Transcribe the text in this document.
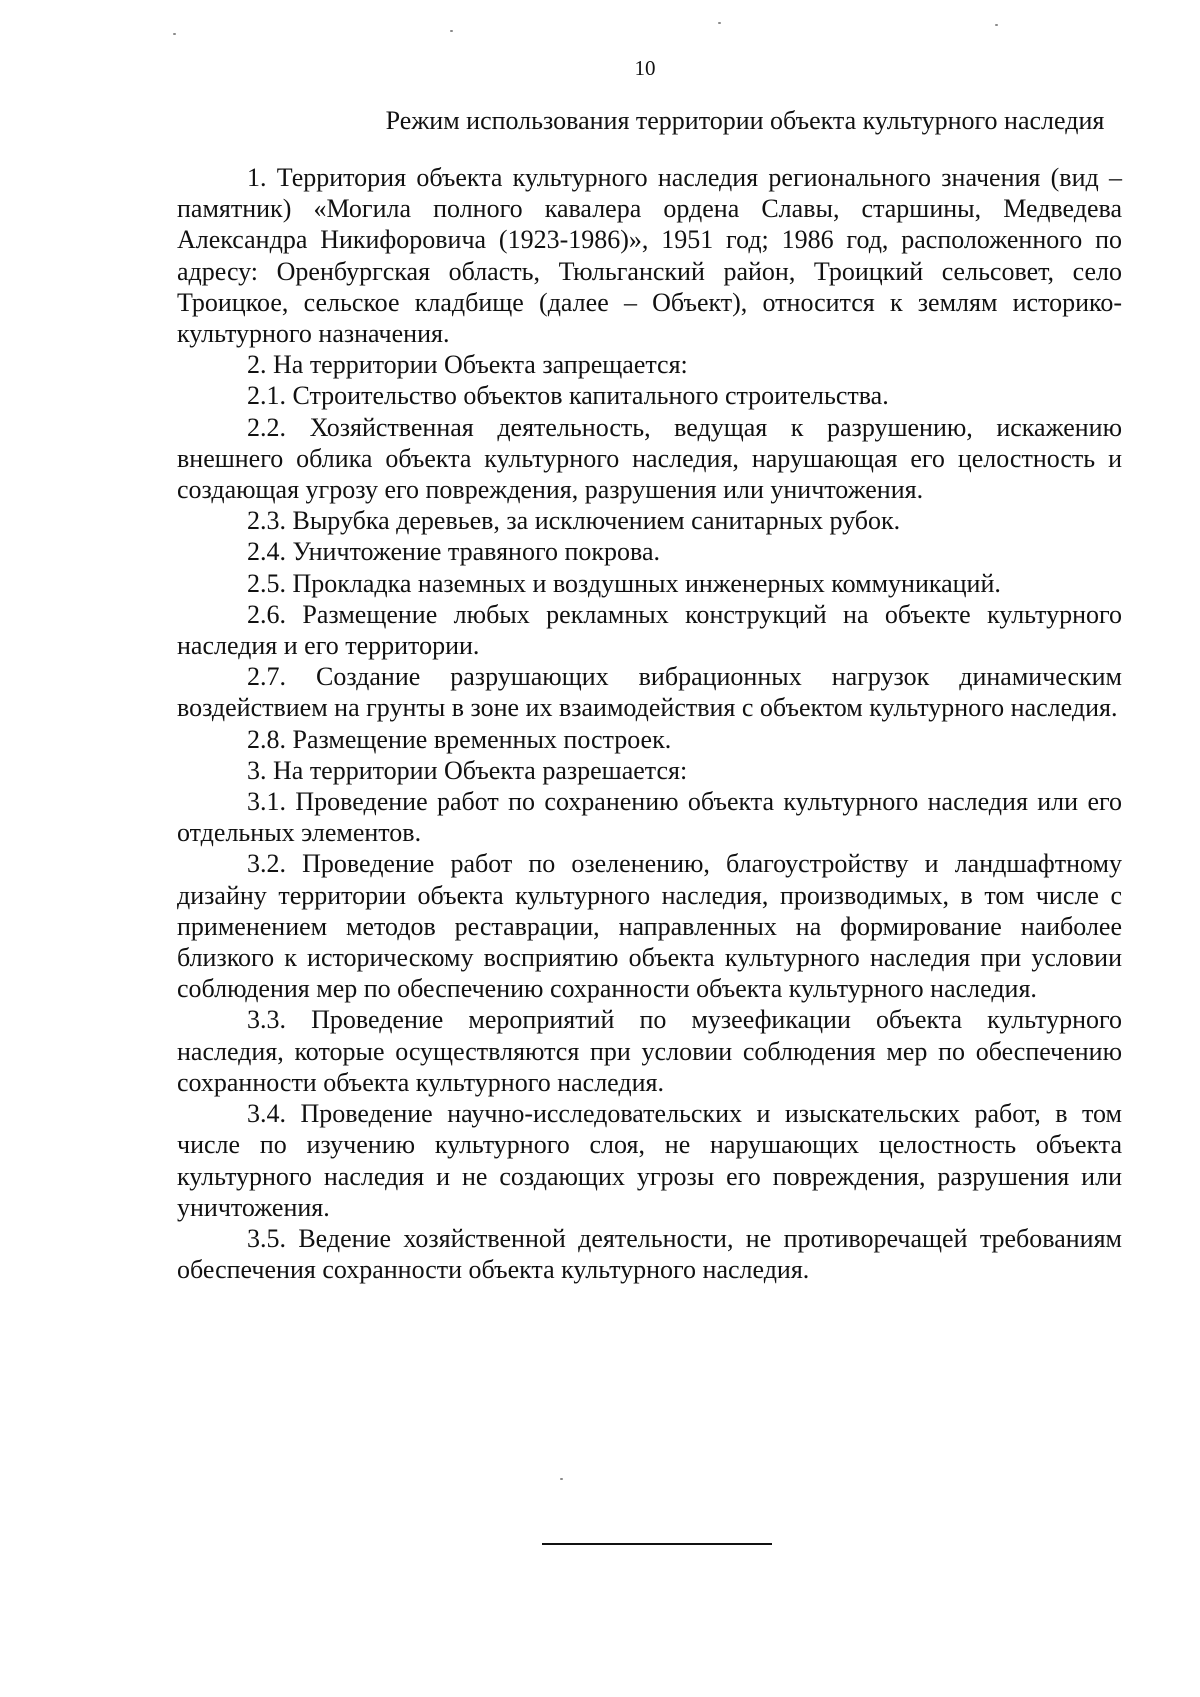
10
Режим использования территории объекта культурного наследия

1. Территория объекта культурного наследия регионального значения (вид – памятник) «Могила полного кавалера ордена Славы, старшины, Медведева Александра Никифоровича (1923-1986)», 1951 год; 1986 год, расположенного по адресу: Оренбургская область, Тюльганский район, Троицкий сельсовет, село Троицкое, сельское кладбище (далее – Объект), относится к землям историко-культурного назначения.

2. На территории Объекта запрещается:

2.1. Строительство объектов капитального строительства.

2.2. Хозяйственная деятельность, ведущая к разрушению, искажению внешнего облика объекта культурного наследия, нарушающая его целостность и создающая угрозу его повреждения, разрушения или уничтожения.

2.3. Вырубка деревьев, за исключением санитарных рубок.

2.4. Уничтожение травяного покрова.

2.5. Прокладка наземных и воздушных инженерных коммуникаций.

2.6. Размещение любых рекламных конструкций на объекте культурного наследия и его территории.

2.7. Создание разрушающих вибрационных нагрузок динамическим воздействием на грунты в зоне их взаимодействия с объектом культурного наследия.

2.8. Размещение временных построек.

3. На территории Объекта разрешается:

3.1. Проведение работ по сохранению объекта культурного наследия или его отдельных элементов.

3.2. Проведение работ по озеленению, благоустройству и ландшафтному дизайну территории объекта культурного наследия, производимых, в том числе с применением методов реставрации, направленных на формирование наиболее близкого к историческому восприятию объекта культурного наследия при условии соблюдения мер по обеспечению сохранности объекта культурного наследия.

3.3. Проведение мероприятий по музеефикации объекта культурного наследия, которые осуществляются при условии соблюдения мер по обеспечению сохранности объекта культурного наследия.

3.4. Проведение научно-исследовательских и изыскательских работ, в том числе по изучению культурного слоя, не нарушающих целостность объекта культурного наследия и не создающих угрозы его повреждения, разрушения или уничтожения.

3.5. Ведение хозяйственной деятельности, не противоречащей требованиям обеспечения сохранности объекта культурного наследия.
